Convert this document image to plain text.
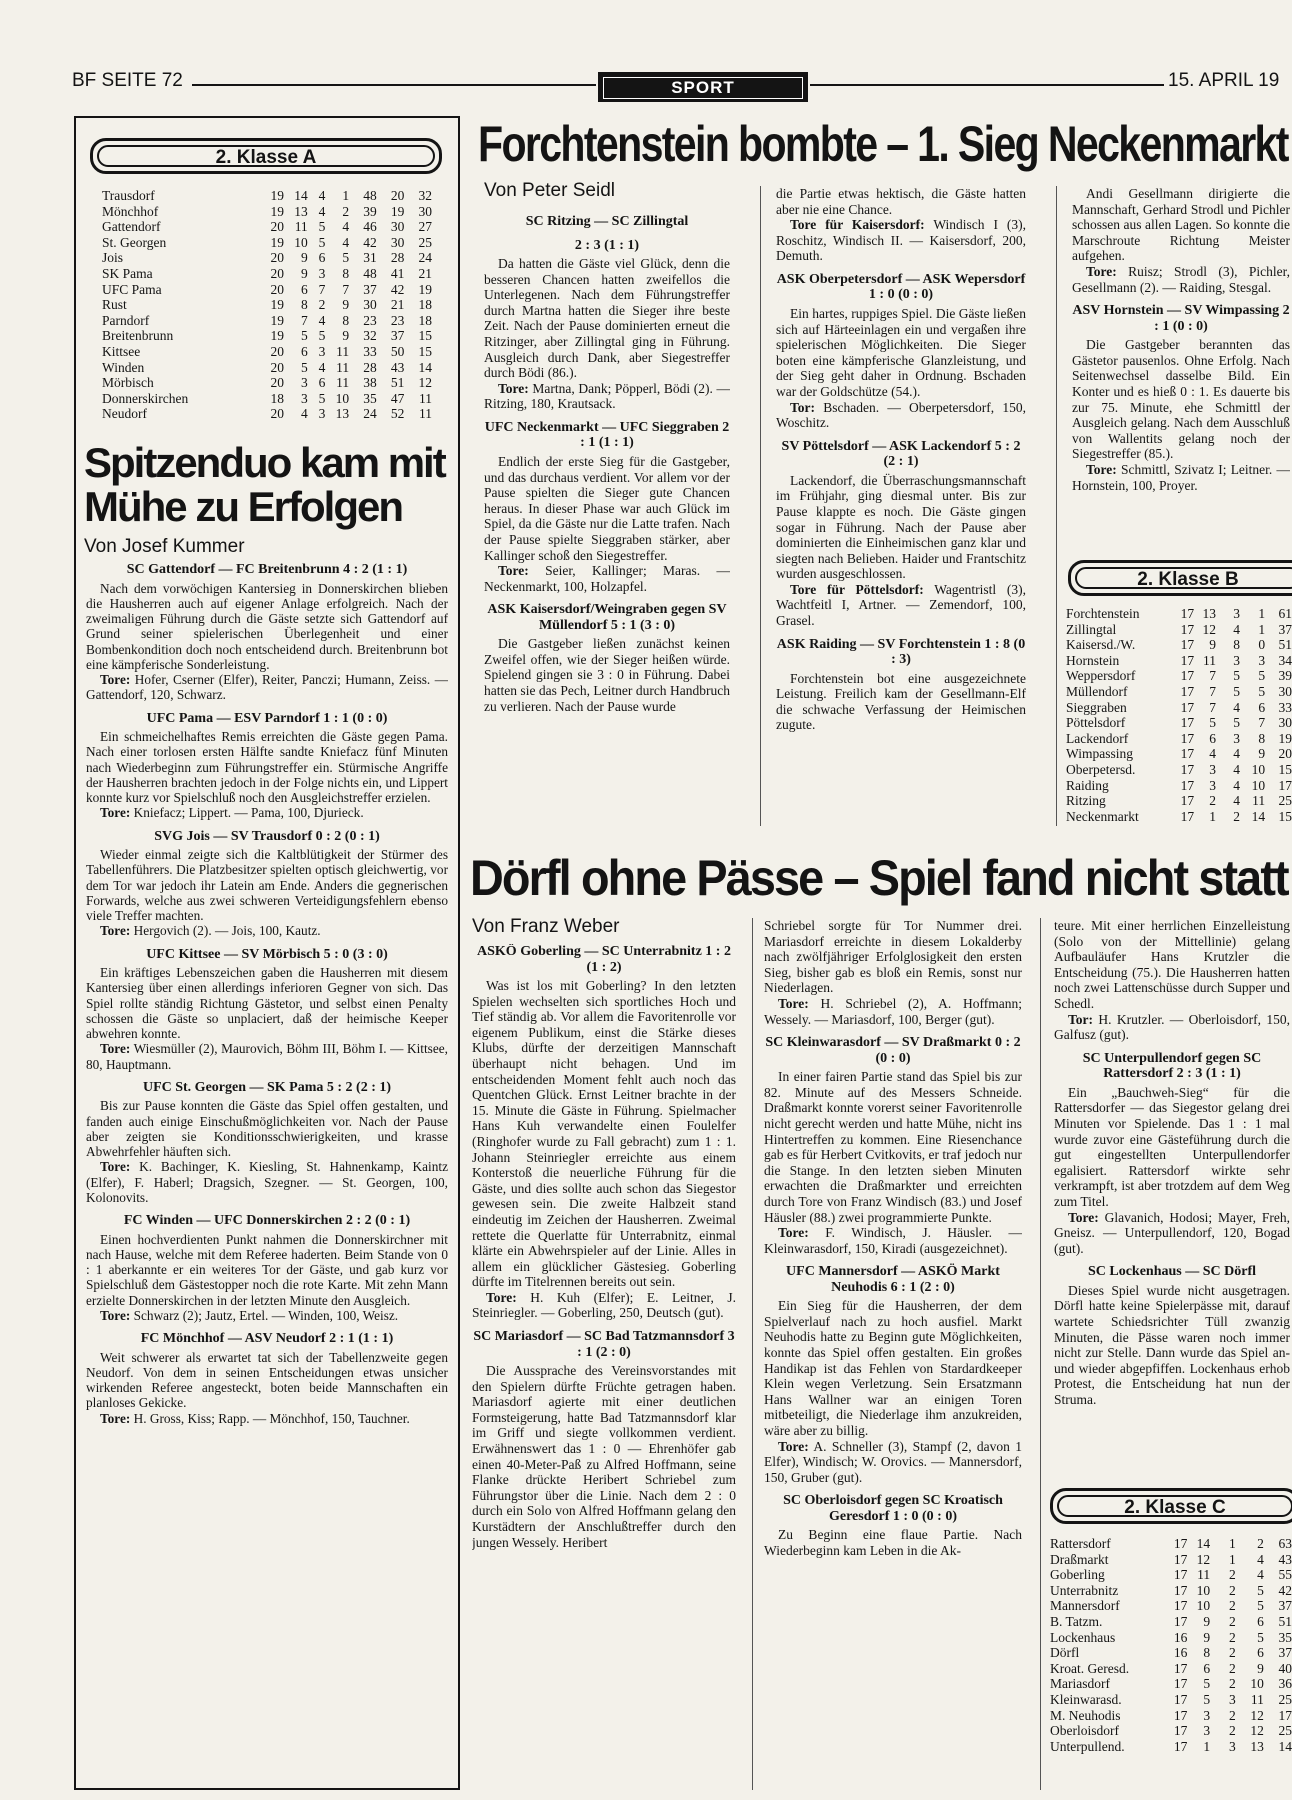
BF SEITE 72	SPORT	15. APRIL 19
2. Klasse A
Trausdorf	19	14	4	1	48	20	32
Mönchhof	19	13	4	2	39	19	30
Gattendorf	20	11	5	4	46	30	27
St. Georgen	19	10	5	4	42	30	25
Jois	20	9	6	5	31	28	24
SK Pama	20	9	3	8	48	41	21
UFC Pama	20	6	7	7	37	42	19
Rust	19	8	2	9	30	21	18
Parndorf	19	7	4	8	23	23	18
Breitenbrunn	19	5	5	9	32	37	15
Kittsee	20	6	3	11	33	50	15
Winden	20	5	4	11	28	43	14
Mörbisch	20	3	6	11	38	51	12
Donnerskirchen	18	3	5	10	35	47	11
Neudorf	20	4	3	13	24	52	11
Spitzenduo kam mit
Mühe zu Erfolgen
Von Josef Kummer

SC Gattendorf — FC Breitenbrunn 4 : 2 (1 : 1)

Nach dem vorwöchigen Kantersieg in Donnerskirchen blieben die Hausherren auch auf eigener Anlage erfolgreich. Nach der zweimaligen Führung durch die Gäste setzte sich Gattendorf auf Grund seiner spielerischen Überlegenheit und einer Bombenkondition doch noch entscheidend durch. Breitenbrunn bot eine kämpferische Sonderleistung.

Tore: Hofer, Cserner (Elfer), Reiter, Panczi; Humann, Zeiss. — Gattendorf, 120, Schwarz.

UFC Pama — ESV Parndorf 1 : 1 (0 : 0)

Ein schmeichelhaftes Remis erreichten die Gäste gegen Pama. Nach einer torlosen ersten Hälfte sandte Kniefacz fünf Minuten nach Wiederbeginn zum Führungstreffer ein. Stürmische Angriffe der Hausherren brachten jedoch in der Folge nichts ein, und Lippert konnte kurz vor Spielschluß noch den Ausgleichstreffer erzielen.

Tore: Kniefacz; Lippert. — Pama, 100, Djurieck.

SVG Jois — SV Trausdorf 0 : 2 (0 : 1)

Wieder einmal zeigte sich die Kaltblütigkeit der Stürmer des Tabellenführers. Die Platzbesitzer spielten optisch gleichwertig, vor dem Tor war jedoch ihr Latein am Ende. Anders die gegnerischen Forwards, welche aus zwei schweren Verteidigungsfehlern ebenso viele Treffer machten.

Tore: Hergovich (2). — Jois, 100, Kautz.

UFC Kittsee — SV Mörbisch 5 : 0 (3 : 0)

Ein kräftiges Lebenszeichen gaben die Hausherren mit diesem Kantersieg über einen allerdings inferioren Gegner von sich. Das Spiel rollte ständig Richtung Gästetor, und selbst einen Penalty schossen die Gäste so unplaciert, daß der heimische Keeper abwehren konnte.

Tore: Wiesmüller (2), Maurovich, Böhm III, Böhm I. — Kittsee, 80, Hauptmann.

UFC St. Georgen — SK Pama 5 : 2 (2 : 1)

Bis zur Pause konnten die Gäste das Spiel offen gestalten, und fanden auch einige Einschußmöglichkeiten vor. Nach der Pause aber zeigten sie Konditionsschwierigkeiten, und krasse Abwehrfehler häuften sich.

Tore: K. Bachinger, K. Kiesling, St. Hahnenkamp, Kaintz (Elfer), F. Haberl; Dragsich, Szegner. — St. Georgen, 100, Kolonovits.

FC Winden — UFC Donnerskirchen 2 : 2 (0 : 1)

Einen hochverdienten Punkt nahmen die Donnerskirchner mit nach Hause, welche mit dem Referee haderten. Beim Stande von 0 : 1 aberkannte er ein weiteres Tor der Gäste, und gab kurz vor Spielschluß dem Gästestopper noch die rote Karte. Mit zehn Mann erzielte Donnerskirchen in der letzten Minute den Ausgleich.

Tore: Schwarz (2); Jautz, Ertel. — Winden, 100, Weisz.

FC Mönchhof — ASV Neudorf 2 : 1 (1 : 1)

Weit schwerer als erwartet tat sich der Tabellenzweite gegen Neudorf. Von dem in seinen Entscheidungen etwas unsicher wirkenden Referee angesteckt, boten beide Mannschaften ein planloses Gekicke.

Tore: H. Gross, Kiss; Rapp. — Mönchhof, 150, Tauchner.

Forchtenstein bombte – 1. Sieg Neckenmarkt
Von Peter Seidl

SC Ritzing — SC Zillingtal

2 : 3 (1 : 1)

Da hatten die Gäste viel Glück, denn die besseren Chancen hatten zweifellos die Unterlegenen. Nach dem Führungstreffer durch Martna hatten die Sieger ihre beste Zeit. Nach der Pause dominierten erneut die Ritzinger, aber Zillingtal ging in Führung. Ausgleich durch Dank, aber Siegestreffer durch Bödi (86.).

Tore: Martna, Dank; Pöpperl, Bödi (2). — Ritzing, 180, Krautsack.

UFC Neckenmarkt — UFC Sieggraben 2 : 1 (1 : 1)

Endlich der erste Sieg für die Gastgeber, und das durchaus verdient. Vor allem vor der Pause spielten die Sieger gute Chancen heraus. In dieser Phase war auch Glück im Spiel, da die Gäste nur die Latte trafen. Nach der Pause spielte Sieggraben stärker, aber Kallinger schoß den Siegestreffer.

Tore: Seier, Kallinger; Maras. — Neckenmarkt, 100, Holzapfel.

ASK Kaisersdorf/Weingraben gegen SV Müllendorf 5 : 1 (3 : 0)

Die Gastgeber ließen zunächst keinen Zweifel offen, wie der Sieger heißen würde. Spielend gingen sie 3 : 0 in Führung. Dabei hatten sie das Pech, Leitner durch Handbruch zu verlieren. Nach der Pause wurde

die Partie etwas hektisch, die Gäste hatten aber nie eine Chance.

Tore für Kaisersdorf: Windisch I (3), Roschitz, Windisch II. — Kaisersdorf, 200, Demuth.

ASK Oberpetersdorf — ASK Wepersdorf 1 : 0 (0 : 0)

Ein hartes, ruppiges Spiel. Die Gäste ließen sich auf Härteeinlagen ein und vergaßen ihre spielerischen Möglichkeiten. Die Sieger boten eine kämpferische Glanzleistung, und der Sieg geht daher in Ordnung. Bschaden war der Goldschütze (54.).

Tor: Bschaden. — Oberpetersdorf, 150, Woschitz.

SV Pöttelsdorf — ASK Lackendorf 5 : 2 (2 : 1)

Lackendorf, die Überraschungsmannschaft im Frühjahr, ging diesmal unter. Bis zur Pause klappte es noch. Die Gäste gingen sogar in Führung. Nach der Pause aber dominierten die Einheimischen ganz klar und siegten nach Belieben. Haider und Frantschitz wurden ausgeschlossen.

Tore für Pöttelsdorf: Wagentristl (3), Wachtfeitl I, Artner. — Zemendorf, 100, Grasel.

ASK Raiding — SV Forchtenstein 1 : 8 (0 : 3)

Forchtenstein bot eine ausgezeichnete Leistung. Freilich kam der Gesellmann-Elf die schwache Verfassung der Heimischen zugute.

Andi Gesellmann dirigierte die Mannschaft, Gerhard Strodl und Pichler schossen aus allen Lagen. So konnte die Marschroute Richtung Meister aufgehen.

Tore: Ruisz; Strodl (3), Pichler, Gesellmann (2). — Raiding, Stesgal.

ASV Hornstein — SV Wimpassing 2 : 1 (0 : 0)

Die Gastgeber berannten das Gästetor pausenlos. Ohne Erfolg. Nach Seitenwechsel dasselbe Bild. Ein Konter und es hieß 0 : 1. Es dauerte bis zur 75. Minute, ehe Schmittl der Ausgleich gelang. Nach dem Ausschluß von Wallentits gelang noch der Siegestreffer (85.).

Tore: Schmittl, Szivatz I; Leitner. — Hornstein, 100, Proyer.

2. Klasse B
Forchtenstein	17	13	3	1	61
Zillingtal	17	12	4	1	37
Kaisersd./W.	17	9	8	0	51
Hornstein	17	11	3	3	34
Weppersdorf	17	7	5	5	39
Müllendorf	17	7	5	5	30
Sieggraben	17	7	4	6	33
Pöttelsdorf	17	5	5	7	30
Lackendorf	17	6	3	8	19
Wimpassing	17	4	4	9	20
Oberpetersd.	17	3	4	10	15
Raiding	17	3	4	10	17
Ritzing	17	2	4	11	25
Neckenmarkt	17	1	2	14	15
Dörfl ohne Pässe – Spiel fand nicht statt
Von Franz Weber

ASKÖ Goberling — SC Unterrabnitz 1 : 2 (1 : 2)

Was ist los mit Goberling? In den letzten Spielen wechselten sich sportliches Hoch und Tief ständig ab. Vor allem die Favoritenrolle vor eigenem Publikum, einst die Stärke dieses Klubs, dürfte der derzeitigen Mannschaft überhaupt nicht behagen. Und im entscheidenden Moment fehlt auch noch das Quentchen Glück. Ernst Leitner brachte in der 15. Minute die Gäste in Führung. Spielmacher Hans Kuh verwandelte einen Foulelfer (Ringhofer wurde zu Fall gebracht) zum 1 : 1. Johann Steinriegler erreichte aus einem Konterstoß die neuerliche Führung für die Gäste, und dies sollte auch schon das Siegestor gewesen sein. Die zweite Halbzeit stand eindeutig im Zeichen der Hausherren. Zweimal rettete die Querlatte für Unterrabnitz, einmal klärte ein Abwehrspieler auf der Linie. Alles in allem ein glücklicher Gästesieg. Goberling dürfte im Titelrennen bereits out sein.

Tore: H. Kuh (Elfer); E. Leitner, J. Steinriegler. — Goberling, 250, Deutsch (gut).

SC Mariasdorf — SC Bad Tatzmannsdorf 3 : 1 (2 : 0)

Die Aussprache des Vereinsvorstandes mit den Spielern dürfte Früchte getragen haben. Mariasdorf agierte mit einer deutlichen Formsteigerung, hatte Bad Tatzmannsdorf klar im Griff und siegte vollkommen verdient. Erwähnenswert das 1 : 0 — Ehrenhöfer gab einen 40-Meter-Paß zu Alfred Hoffmann, seine Flanke drückte Heribert Schriebel zum Führungstor über die Linie. Nach dem 2 : 0 durch ein Solo von Alfred Hoffmann gelang den Kurstädtern der Anschlußtreffer durch den jungen Wessely. Heribert

Schriebel sorgte für Tor Nummer drei. Mariasdorf erreichte in diesem Lokalderby nach zwölfjähriger Erfolglosigkeit den ersten Sieg, bisher gab es bloß ein Remis, sonst nur Niederlagen.

Tore: H. Schriebel (2), A. Hoffmann; Wessely. — Mariasdorf, 100, Berger (gut).

SC Kleinwarasdorf — SV Draßmarkt 0 : 2 (0 : 0)

In einer fairen Partie stand das Spiel bis zur 82. Minute auf des Messers Schneide. Draßmarkt konnte vorerst seiner Favoritenrolle nicht gerecht werden und hatte Mühe, nicht ins Hintertreffen zu kommen. Eine Riesenchance gab es für Herbert Cvitkovits, er traf jedoch nur die Stange. In den letzten sieben Minuten erwachten die Draßmarkter und erreichten durch Tore von Franz Windisch (83.) und Josef Häusler (88.) zwei programmierte Punkte.

Tore: F. Windisch, J. Häusler. — Kleinwarasdorf, 150, Kiradi (ausgezeichnet).

UFC Mannersdorf — ASKÖ Markt Neuhodis 6 : 1 (2 : 0)

Ein Sieg für die Hausherren, der dem Spielverlauf nach zu hoch ausfiel. Markt Neuhodis hatte zu Beginn gute Möglichkeiten, konnte das Spiel offen gestalten. Ein großes Handikap ist das Fehlen von Stardardkeeper Klein wegen Verletzung. Sein Ersatzmann Hans Wallner war an einigen Toren mitbeteiligt, die Niederlage ihm anzukreiden, wäre aber zu billig.

Tore: A. Schneller (3), Stampf (2, davon 1 Elfer), Windisch; W. Orovics. — Mannersdorf, 150, Gruber (gut).

SC Oberloisdorf gegen SC Kroatisch Geresdorf 1 : 0 (0 : 0)

Zu Beginn eine flaue Partie. Nach Wiederbeginn kam Leben in die Ak-

teure. Mit einer herrlichen Einzelleistung (Solo von der Mittellinie) gelang Aufbauläufer Hans Krutzler die Entscheidung (75.). Die Hausherren hatten noch zwei Lattenschüsse durch Supper und Schedl.

Tor: H. Krutzler. — Oberloisdorf, 150, Galfusz (gut).

SC Unterpullendorf gegen SC Rattersdorf 2 : 3 (1 : 1)

Ein „Bauchweh-Sieg“ für die Rattersdorfer — das Siegestor gelang drei Minuten vor Spielende. Das 1 : 1 mal wurde zuvor eine Gästeführung durch die gut eingestellten Unterpullendorfer egalisiert. Rattersdorf wirkte sehr verkrampft, ist aber trotzdem auf dem Weg zum Titel.

Tore: Glavanich, Hodosi; Mayer, Freh, Gneisz. — Unterpullendorf, 120, Bogad (gut).

SC Lockenhaus — SC Dörfl

Dieses Spiel wurde nicht ausgetragen. Dörfl hatte keine Spielerpässe mit, darauf wartete Schiedsrichter Tüll zwanzig Minuten, die Pässe waren noch immer nicht zur Stelle. Dann wurde das Spiel an- und wieder abgepfiffen. Lockenhaus erhob Protest, die Entscheidung hat nun der Struma.

2. Klasse C
Rattersdorf	17	14	1	2	63
Draßmarkt	17	12	1	4	43
Goberling	17	11	2	4	55
Unterrabnitz	17	10	2	5	42
Mannersdorf	17	10	2	5	37
B. Tatzm.	17	9	2	6	51
Lockenhaus	16	9	2	5	35
Dörfl	16	8	2	6	37
Kroat. Geresd.	17	6	2	9	40
Mariasdorf	17	5	2	10	36
Kleinwarasd.	17	5	3	11	25
M. Neuhodis	17	3	2	12	17
Oberloisdorf	17	3	2	12	25
Unterpullend.	17	1	3	13	14
